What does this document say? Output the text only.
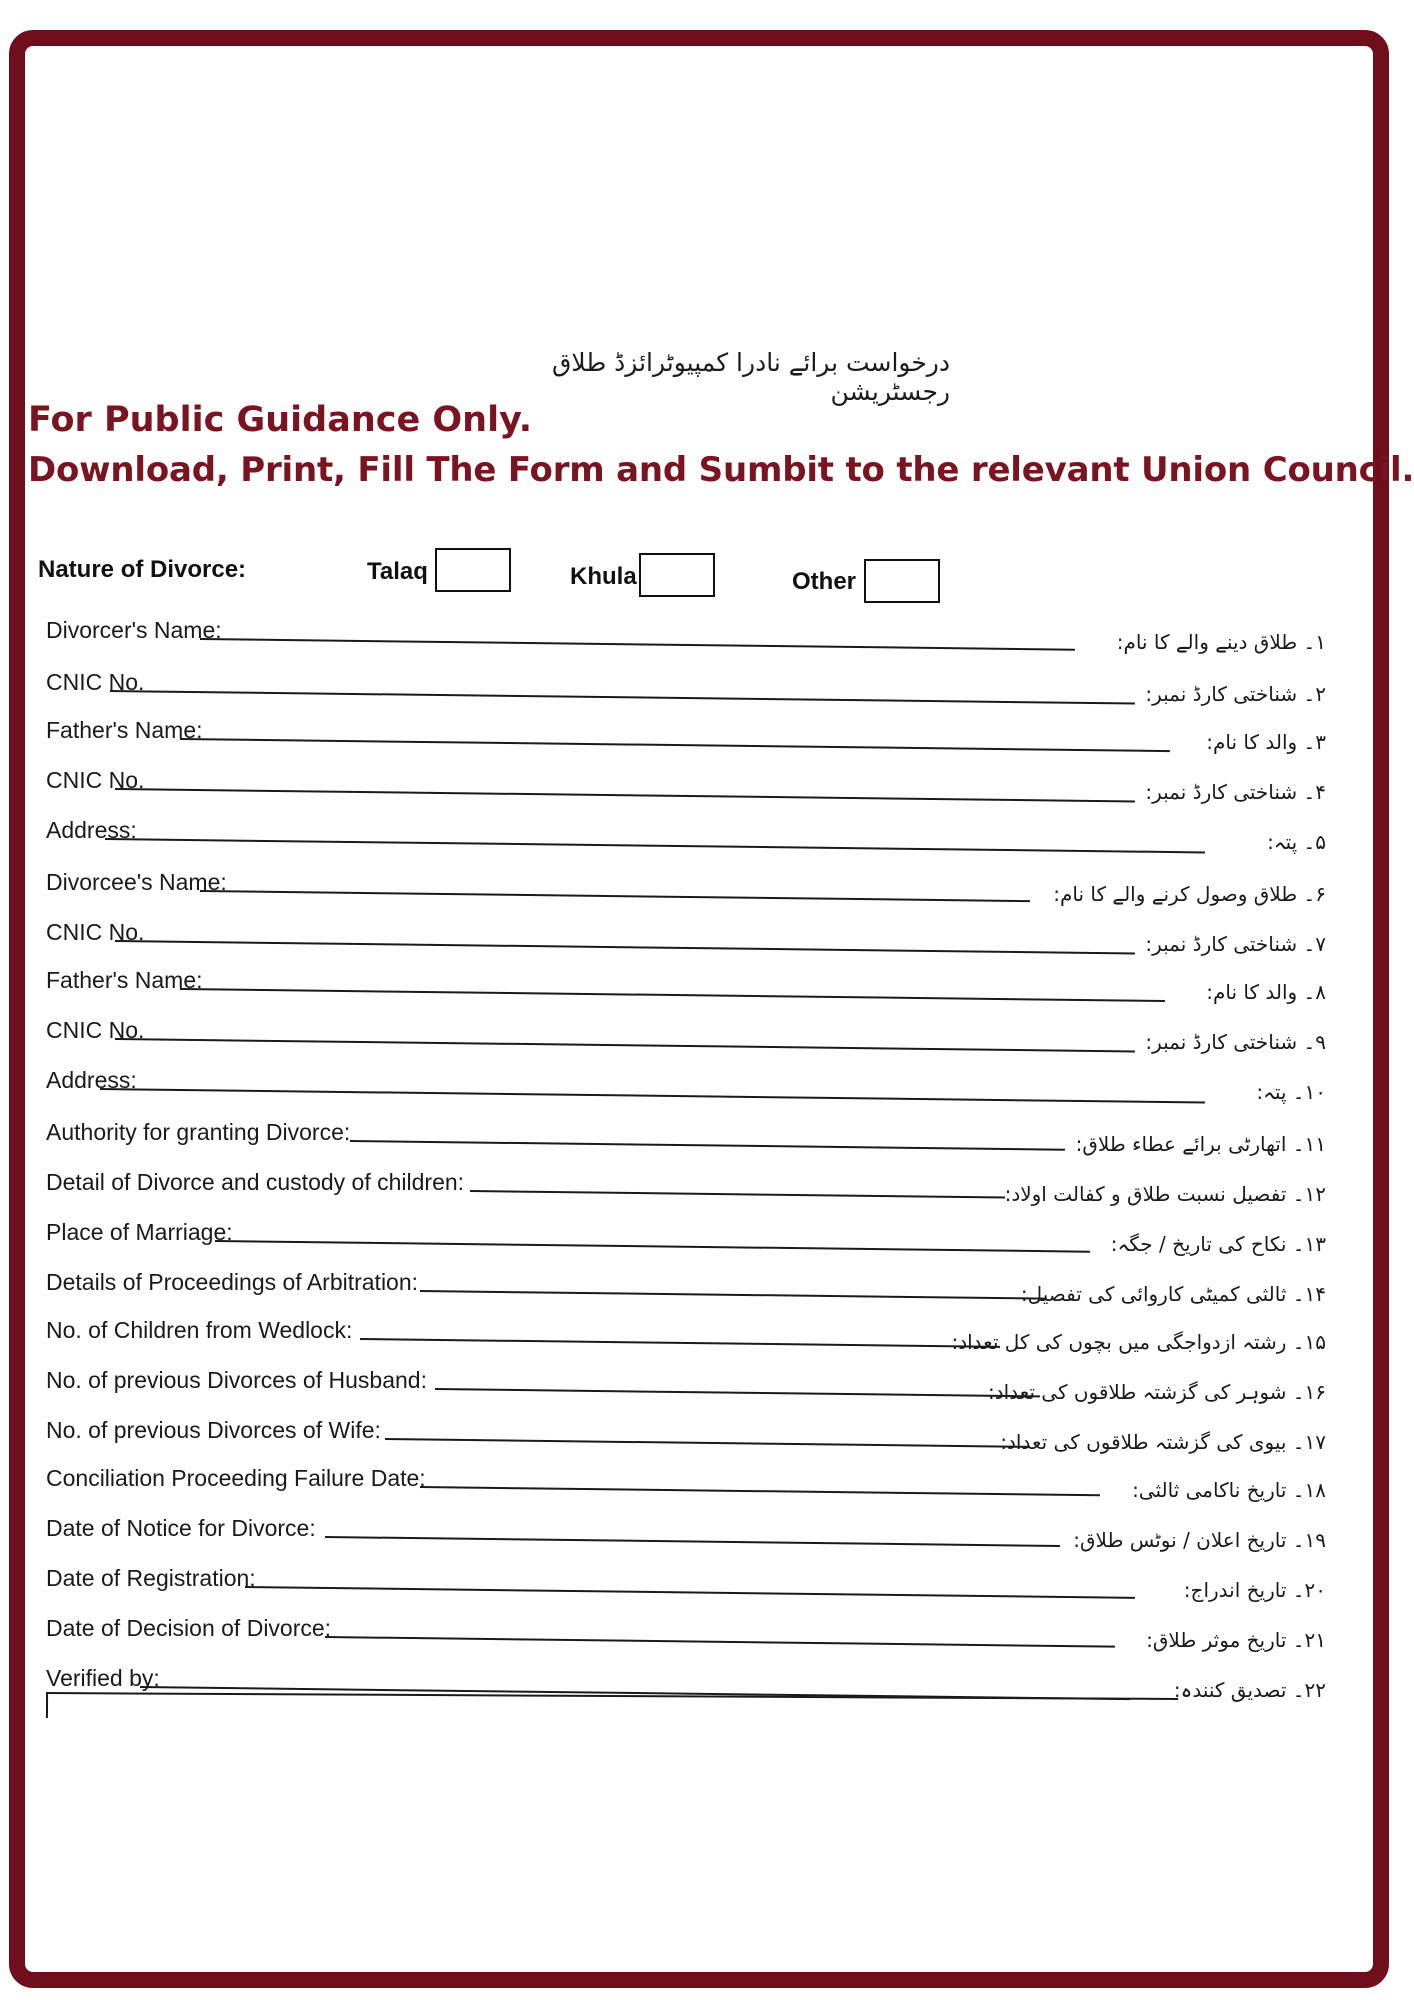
درخواست برائے نادرا کمپیوٹرائزڈ طلاق رجسٹریشن
For Public Guidance Only.
Download, Print, Fill The Form and Sumbit to the relevant Union Council.
Nature of Divorce:	Talaq	Khula	Other
Divorcer's Name:	۱۔ طلاق دینے والے کا نام:
CNIC No.	۲۔ شناختی کارڈ نمبر:
Father's Name:	۳۔ والد کا نام:
CNIC No.	۴۔ شناختی کارڈ نمبر:
Address:	۵۔ پتہ:
Divorcee's Name:	۶۔ طلاق وصول کرنے والے کا نام:
CNIC No.	۷۔ شناختی کارڈ نمبر:
Father's Name:	۸۔ والد کا نام:
CNIC No.	۹۔ شناختی کارڈ نمبر:
Address:	۱۰۔ پتہ:
Authority for granting Divorce:	۱۱۔ اتھارٹی برائے عطاء طلاق:
Detail of Divorce and custody of children:	۱۲۔ تفصیل نسبت طلاق و کفالت اولاد:
Place of Marriage:	۱۳۔ نکاح کی تاریخ / جگہ:
Details of Proceedings of Arbitration:	۱۴۔ ثالثی کمیٹی کاروائی کی تفصیل:
No. of Children from Wedlock:	۱۵۔ رشتہ ازدواجگی میں بچوں کی کل تعداد:
No. of previous Divorces of Husband:	۱۶۔ شوہر کی گزشتہ طلاقوں کی تعداد:
No. of previous Divorces of Wife:	۱۷۔ بیوی کی گزشتہ طلاقوں کی تعداد:
Conciliation Proceeding Failure Date:	۱۸۔ تاریخ ناکامی ثالثی:
Date of Notice for Divorce:	۱۹۔ تاریخ اعلان / نوٹس طلاق:
Date of Registration:	۲۰۔ تاریخ اندراج:
Date of Decision of Divorce:	۲۱۔ تاریخ موثر طلاق:
Verified by:	۲۲۔ تصدیق کنندہ:
